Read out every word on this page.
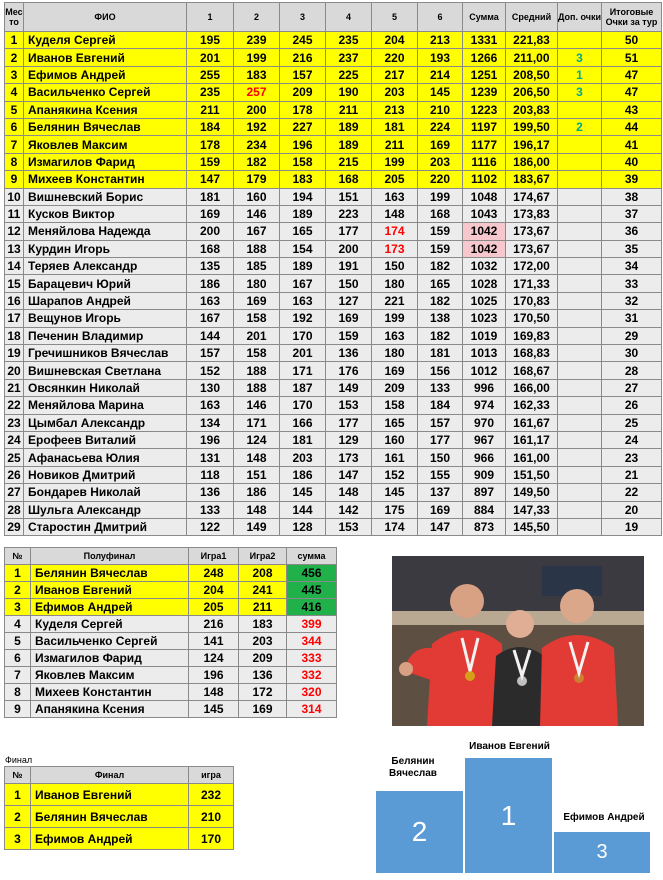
Мес то	ФИО	1	2	3	4	5	6	Сумма	Средний	Доп. очки	Итоговые Очки за тур
1	Куделя Сергей	195	239	245	235	204	213	1331	221,83		50
2	Иванов Евгений	201	199	216	237	220	193	1266	211,00	3	51
3	Ефимов Андрей	255	183	157	225	217	214	1251	208,50	1	47
4	Васильченко Сергей	235	257	209	190	203	145	1239	206,50	3	47
5	Апанякина Ксения	211	200	178	211	213	210	1223	203,83		43
6	Белянин Вячеслав	184	192	227	189	181	224	1197	199,50	2	44
7	Яковлев Максим	178	234	196	189	211	169	1177	196,17		41
8	Измагилов Фарид	159	182	158	215	199	203	1116	186,00		40
9	Михеев Константин	147	179	183	168	205	220	1102	183,67		39
10	Вишневский Борис	181	160	194	151	163	199	1048	174,67		38
11	Кусков Виктор	169	146	189	223	148	168	1043	173,83		37
12	Меняйлова Надежда	200	167	165	177	174	159	1042	173,67		36
13	Курдин Игорь	168	188	154	200	173	159	1042	173,67		35
14	Теряев Александр	135	185	189	191	150	182	1032	172,00		34
15	Барацевич Юрий	186	180	167	150	180	165	1028	171,33		33
16	Шарапов Андрей	163	169	163	127	221	182	1025	170,83		32
17	Вещунов Игорь	167	158	192	169	199	138	1023	170,50		31
18	Печенин Владимир	144	201	170	159	163	182	1019	169,83		29
19	Гречишников Вячеслав	157	158	201	136	180	181	1013	168,83		30
20	Вишневская Светлана	152	188	171	176	169	156	1012	168,67		28
21	Овсянкин Николай	130	188	187	149	209	133	996	166,00		27
22	Меняйлова Марина	163	146	170	153	158	184	974	162,33		26
23	Цымбал Александр	134	171	166	177	165	157	970	161,67		25
24	Ерофеев Виталий	196	124	181	129	160	177	967	161,17		24
25	Афанасьева Юлия	131	148	203	173	161	150	966	161,00		23
26	Новиков Дмитрий	118	151	186	147	152	155	909	151,50		21
27	Бондарев Николай	136	186	145	148	145	137	897	149,50		22
28	Шульга Александр	133	148	144	142	175	169	884	147,33		20
29	Старостин Дмитрий	122	149	128	153	174	147	873	145,50		19
№	Полуфинал	Игра1	Игра2	сумма
1	Белянин Вячеслав	248	208	456
2	Иванов Евгений	204	241	445
3	Ефимов Андрей	205	211	416
4	Куделя Сергей	216	183	399
5	Васильченко Сергей	141	203	344
6	Измагилов Фарид	124	209	333
7	Яковлев Максим	196	136	332
8	Михеев Константин	148	172	320
9	Апанякина Ксения	145	169	314
Финал
№	Финал	игра
1	Иванов Евгений	232
2	Белянин Вячеслав	210
3	Ефимов Андрей	170
Иванов Евгений
Белянин Вячеслав
Ефимов Андрей
2
1
3
